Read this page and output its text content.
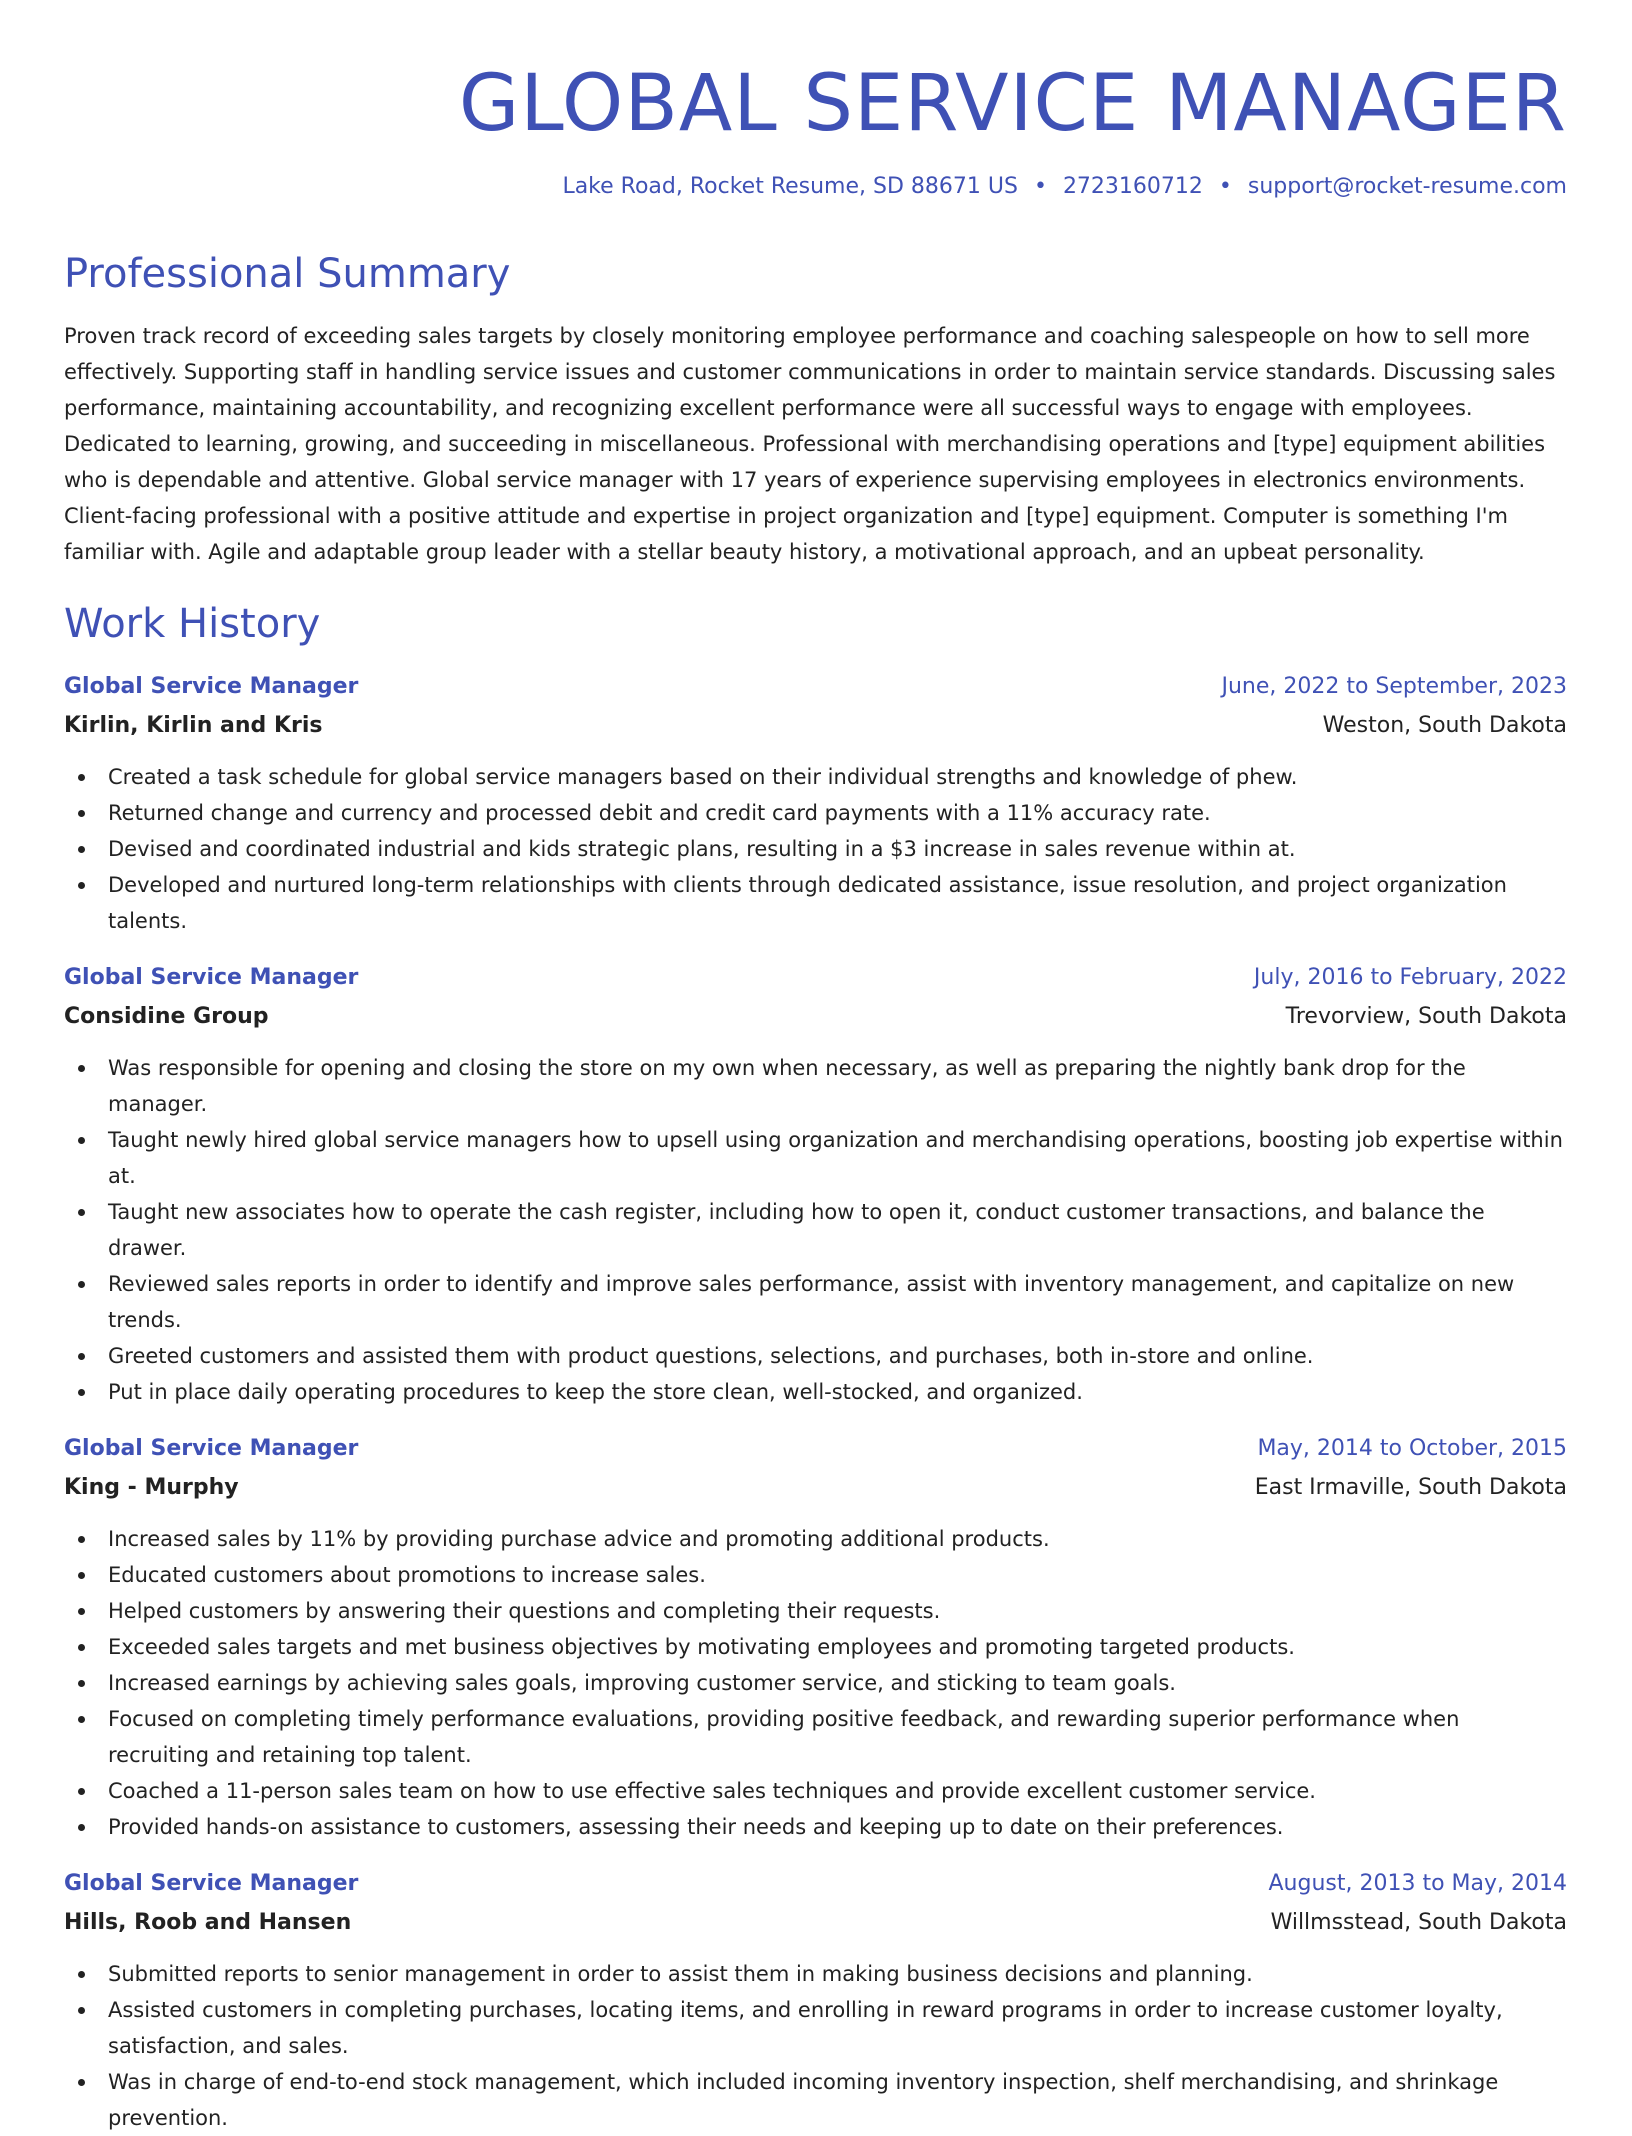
GLOBAL SERVICE MANAGER
Lake Road, Rocket Resume, SD 88671 US • 2723160712 • support@rocket-resume.com
Professional Summary
Proven track record of exceeding sales targets by closely monitoring employee performance and coaching salespeople on how to sell more effectively. Supporting staff in handling service issues and customer communications in order to maintain service standards. Discussing sales performance, maintaining accountability, and recognizing excellent performance were all successful ways to engage with employees. Dedicated to learning, growing, and succeeding in miscellaneous. Professional with merchandising operations and [type] equipment abilities who is dependable and attentive. Global service manager with 17 years of experience supervising employees in electronics environments. Client-facing professional with a positive attitude and expertise in project organization and [type] equipment. Computer is something I'm familiar with. Agile and adaptable group leader with a stellar beauty history, a motivational approach, and an upbeat personality.
Work History
Global Service Manager	June, 2022 to September, 2023
Kirlin, Kirlin and Kris	Weston, South Dakota
Created a task schedule for global service managers based on their individual strengths and knowledge of phew.
Returned change and currency and processed debit and credit card payments with a 11% accuracy rate.
Devised and coordinated industrial and kids strategic plans, resulting in a $3 increase in sales revenue within at.
Developed and nurtured long-term relationships with clients through dedicated assistance, issue resolution, and project organization talents.
Global Service Manager	July, 2016 to February, 2022
Considine Group	Trevorview, South Dakota
Was responsible for opening and closing the store on my own when necessary, as well as preparing the nightly bank drop for the manager.
Taught newly hired global service managers how to upsell using organization and merchandising operations, boosting job expertise within at.
Taught new associates how to operate the cash register, including how to open it, conduct customer transactions, and balance the drawer.
Reviewed sales reports in order to identify and improve sales performance, assist with inventory management, and capitalize on new trends.
Greeted customers and assisted them with product questions, selections, and purchases, both in-store and online.
Put in place daily operating procedures to keep the store clean, well-stocked, and organized.
Global Service Manager	May, 2014 to October, 2015
King - Murphy	East Irmaville, South Dakota
Increased sales by 11% by providing purchase advice and promoting additional products.
Educated customers about promotions to increase sales.
Helped customers by answering their questions and completing their requests.
Exceeded sales targets and met business objectives by motivating employees and promoting targeted products.
Increased earnings by achieving sales goals, improving customer service, and sticking to team goals.
Focused on completing timely performance evaluations, providing positive feedback, and rewarding superior performance when recruiting and retaining top talent.
Coached a 11-person sales team on how to use effective sales techniques and provide excellent customer service.
Provided hands-on assistance to customers, assessing their needs and keeping up to date on their preferences.
Global Service Manager	August, 2013 to May, 2014
Hills, Roob and Hansen	Willmsstead, South Dakota
Submitted reports to senior management in order to assist them in making business decisions and planning.
Assisted customers in completing purchases, locating items, and enrolling in reward programs in order to increase customer loyalty, satisfaction, and sales.
Was in charge of end-to-end stock management, which included incoming inventory inspection, shelf merchandising, and shrinkage prevention.
